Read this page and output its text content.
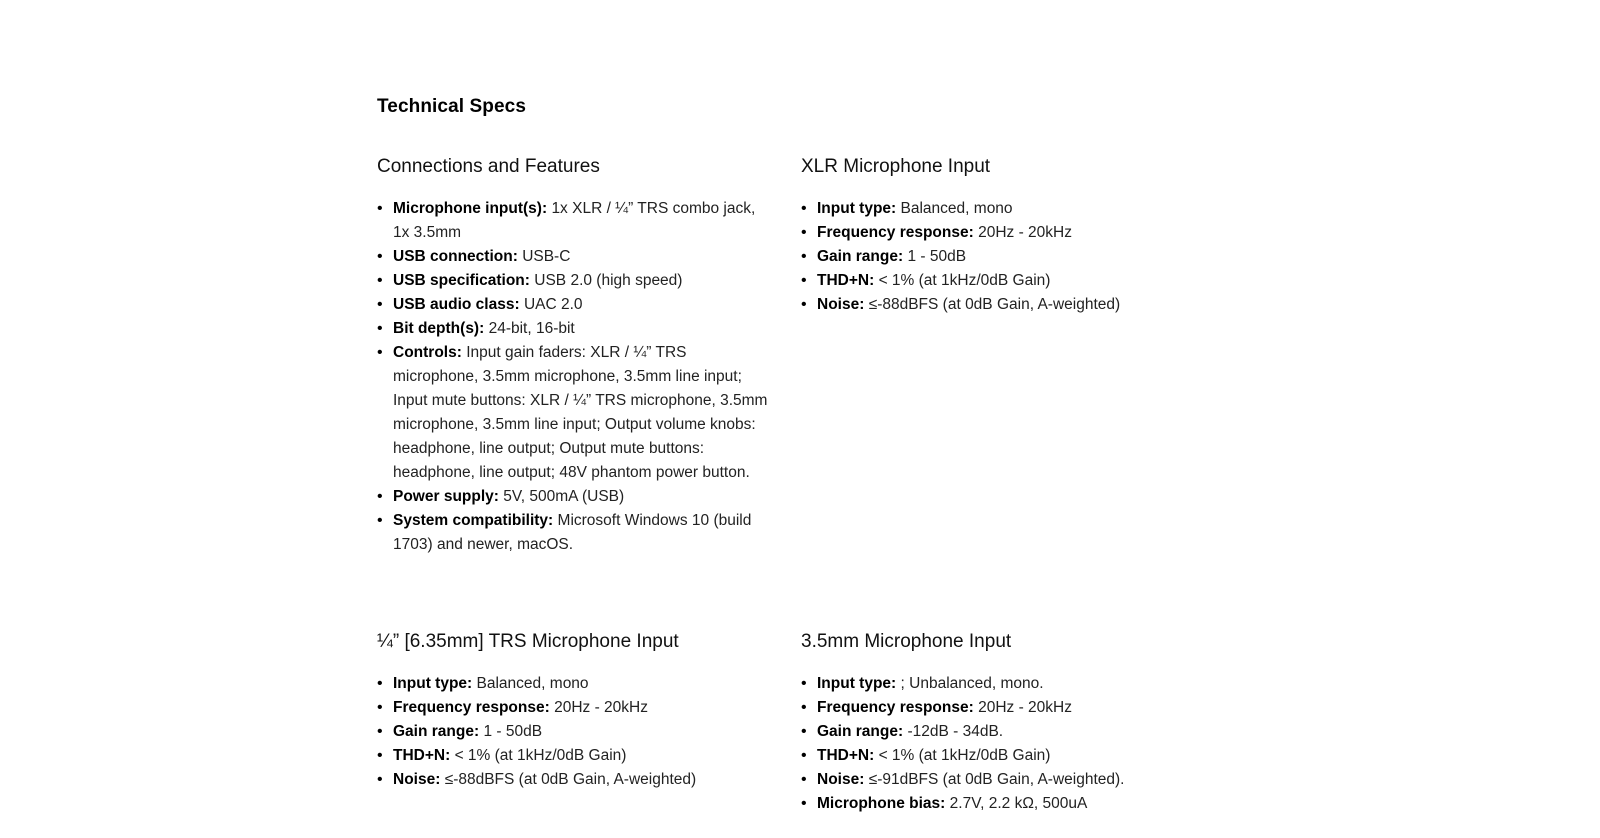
Technical Specs
Connections and Features
• Microphone input(s): 1x XLR / ¼” TRS combo jack, 1x 3.5mm
• USB connection: USB-C
• USB specification: USB 2.0 (high speed)
• USB audio class: UAC 2.0
• Bit depth(s): 24-bit, 16-bit
• Controls: Input gain faders: XLR / ¼” TRS microphone, 3.5mm microphone, 3.5mm line input; Input mute buttons: XLR / ¼” TRS microphone, 3.5mm microphone, 3.5mm line input; Output volume knobs: headphone, line output; Output mute buttons: headphone, line output; 48V phantom power button.
• Power supply: 5V, 500mA (USB)
• System compatibility: Microsoft Windows 10 (build 1703) and newer, macOS.
XLR Microphone Input
• Input type: Balanced, mono
• Frequency response: 20Hz - 20kHz
• Gain range: 1 - 50dB
• THD+N: < 1% (at 1kHz/0dB Gain)
• Noise: ≤-88dBFS (at 0dB Gain, A-weighted)
¼” [6.35mm] TRS Microphone Input
• Input type: Balanced, mono
• Frequency response: 20Hz - 20kHz
• Gain range: 1 - 50dB
• THD+N: < 1% (at 1kHz/0dB Gain)
• Noise: ≤-88dBFS (at 0dB Gain, A-weighted)
3.5mm Microphone Input
• Input type: ; Unbalanced, mono.
• Frequency response: 20Hz - 20kHz
• Gain range: -12dB - 34dB.
• THD+N: < 1% (at 1kHz/0dB Gain)
• Noise: ≤-91dBFS (at 0dB Gain, A-weighted).
• Microphone bias: 2.7V, 2.2 kΩ, 500uA
